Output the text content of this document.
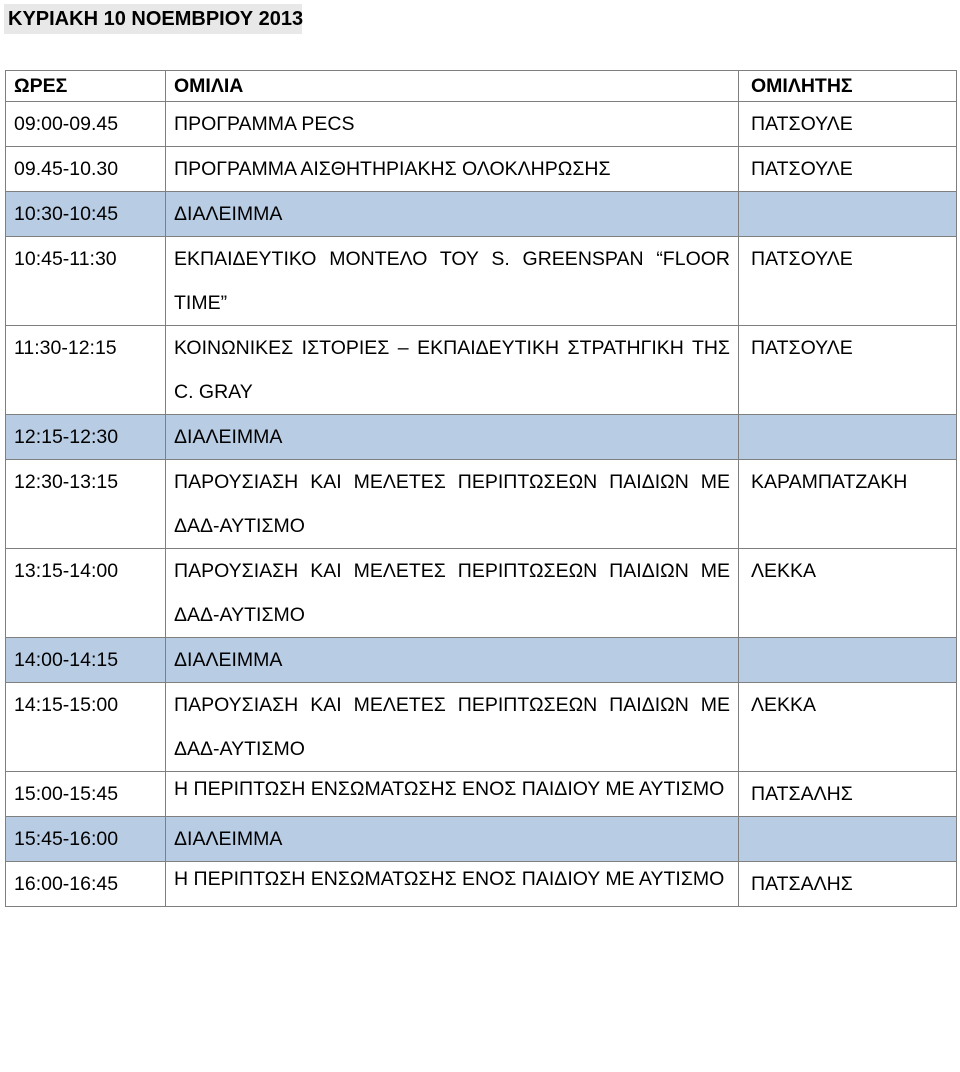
ΚΥΡΙΑΚΗ 10 ΝΟΕΜΒΡΙΟΥ 2013
ΩΡΕΣ	ΟΜΙΛΙΑ	ΟΜΙΛΗΤΗΣ
09:00-09.45	ΠΡΟΓΡΑΜΜΑ PECS	ΠΑΤΣΟΥΛΕ
09.45-10.30	ΠΡΟΓΡΑΜΜΑ ΑΙΣΘΗΤΗΡΙΑΚΗΣ ΟΛΟΚΛΗΡΩΣΗΣ	ΠΑΤΣΟΥΛΕ
10:30-10:45	ΔΙΑΛΕΙΜΜΑ	
10:45-11:30	ΕΚΠΑΙΔΕΥΤΙΚΟ ΜΟΝΤΕΛΟ ΤΟΥ S. GREENSPAN “FLOOR TIME”	ΠΑΤΣΟΥΛΕ
11:30-12:15	ΚΟΙΝΩΝΙΚΕΣ ΙΣΤΟΡΙΕΣ – ΕΚΠΑΙΔΕΥΤΙΚΗ ΣΤΡΑΤΗΓΙΚΗ ΤΗΣ C. GRAY	ΠΑΤΣΟΥΛΕ
12:15-12:30	ΔΙΑΛΕΙΜΜΑ	
12:30-13:15	ΠΑΡΟΥΣΙΑΣΗ ΚΑΙ ΜΕΛΕΤΕΣ ΠΕΡΙΠΤΩΣΕΩΝ ΠΑΙΔΙΩΝ ΜΕ ΔΑΔ-ΑΥΤΙΣΜΟ	ΚΑΡΑΜΠΑΤΖΑΚΗ
13:15-14:00	ΠΑΡΟΥΣΙΑΣΗ ΚΑΙ ΜΕΛΕΤΕΣ ΠΕΡΙΠΤΩΣΕΩΝ ΠΑΙΔΙΩΝ ΜΕ ΔΑΔ-ΑΥΤΙΣΜΟ	ΛΕΚΚΑ
14:00-14:15	ΔΙΑΛΕΙΜΜΑ	
14:15-15:00	ΠΑΡΟΥΣΙΑΣΗ ΚΑΙ ΜΕΛΕΤΕΣ ΠΕΡΙΠΤΩΣΕΩΝ ΠΑΙΔΙΩΝ ΜΕ ΔΑΔ-ΑΥΤΙΣΜΟ	ΛΕΚΚΑ
15:00-15:45	Η ΠΕΡΙΠΤΩΣΗ ΕΝΣΩΜΑΤΩΣΗΣ ΕΝΟΣ ΠΑΙΔΙΟΥ ΜΕ ΑΥΤΙΣΜΟ	ΠΑΤΣΑΛΗΣ
15:45-16:00	ΔΙΑΛΕΙΜΜΑ	
16:00-16:45	Η ΠΕΡΙΠΤΩΣΗ ΕΝΣΩΜΑΤΩΣΗΣ ΕΝΟΣ ΠΑΙΔΙΟΥ ΜΕ ΑΥΤΙΣΜΟ	ΠΑΤΣΑΛΗΣ
